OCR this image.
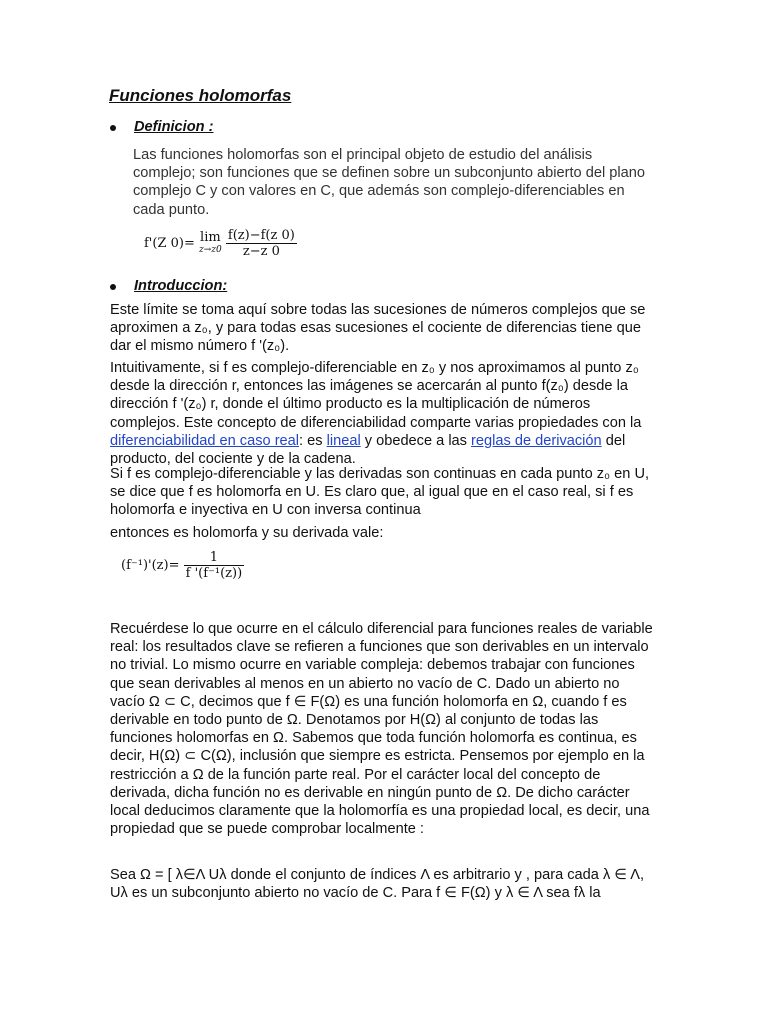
Funciones holomorfas
Definicion :

Las funciones holomorfas son el principal objeto de estudio del análisis complejo; son funciones que se definen sobre un subconjunto abierto del plano complejo C y con valores en C, que además son complejo-diferenciables en cada punto.

f'(Z 0)= lim
z→z0
$\frac{f(z)-f(z 0)}{z-z 0}$
Introduccion:

Este límite se toma aquí sobre todas las sucesiones de números complejos que se aproximen a z₀, y para todas esas sucesiones el cociente de diferencias tiene que dar el mismo número f '(z₀).

Intuitivamente, si f es complejo-diferenciable en z₀ y nos aproximamos al punto z₀ desde la dirección r, entonces las imágenes se acercarán al punto f(z₀) desde la dirección f '(z₀) r, donde el último producto es la multiplicación de números complejos. Este concepto de diferenciabilidad comparte varias propiedades con la diferenciabilidad en caso real: es lineal y obedece a las reglas de derivación del producto, del cociente y de la cadena.

Si f es complejo-diferenciable y las derivadas son continuas en cada punto z₀ en U, se dice que f es holomorfa en U. Es claro que, al igual que en el caso real, si f es holomorfa e inyectiva en U con inversa continua

entonces es holomorfa y su derivada vale:

$(f^{-1})'(z)= \frac{1}{\text{f '(f⁻¹(z))}}$

Recuérdese lo que ocurre en el cálculo diferencial para funciones reales de variable real: los resultados clave se refieren a funciones que son derivables en un intervalo no trivial. Lo mismo ocurre en variable compleja: debemos trabajar con funciones que sean derivables al menos en un abierto no vacío de C. Dado un abierto no vacío Ω ⊂ C, decimos que f ∈ F(Ω) es una función holomorfa en Ω, cuando f es derivable en todo punto de Ω. Denotamos por H(Ω) al conjunto de todas las funciones holomorfas en Ω. Sabemos que toda función holomorfa es continua, es decir, H(Ω) ⊂ C(Ω), inclusión que siempre es estricta. Pensemos por ejemplo en la restricción a Ω de la función parte real. Por el carácter local del concepto de derivada, dicha función no es derivable en ningún punto de Ω. De dicho carácter local deducimos claramente que la holomorfía es una propiedad local, es decir, una propiedad que se puede comprobar localmente :

Sea Ω = [ λ∈Λ Uλ donde el conjunto de índices Λ es arbitrario y , para cada λ ∈ Λ, Uλ es un subconjunto abierto no vacío de C. Para f ∈ F(Ω) y λ ∈ Λ sea fλ la
